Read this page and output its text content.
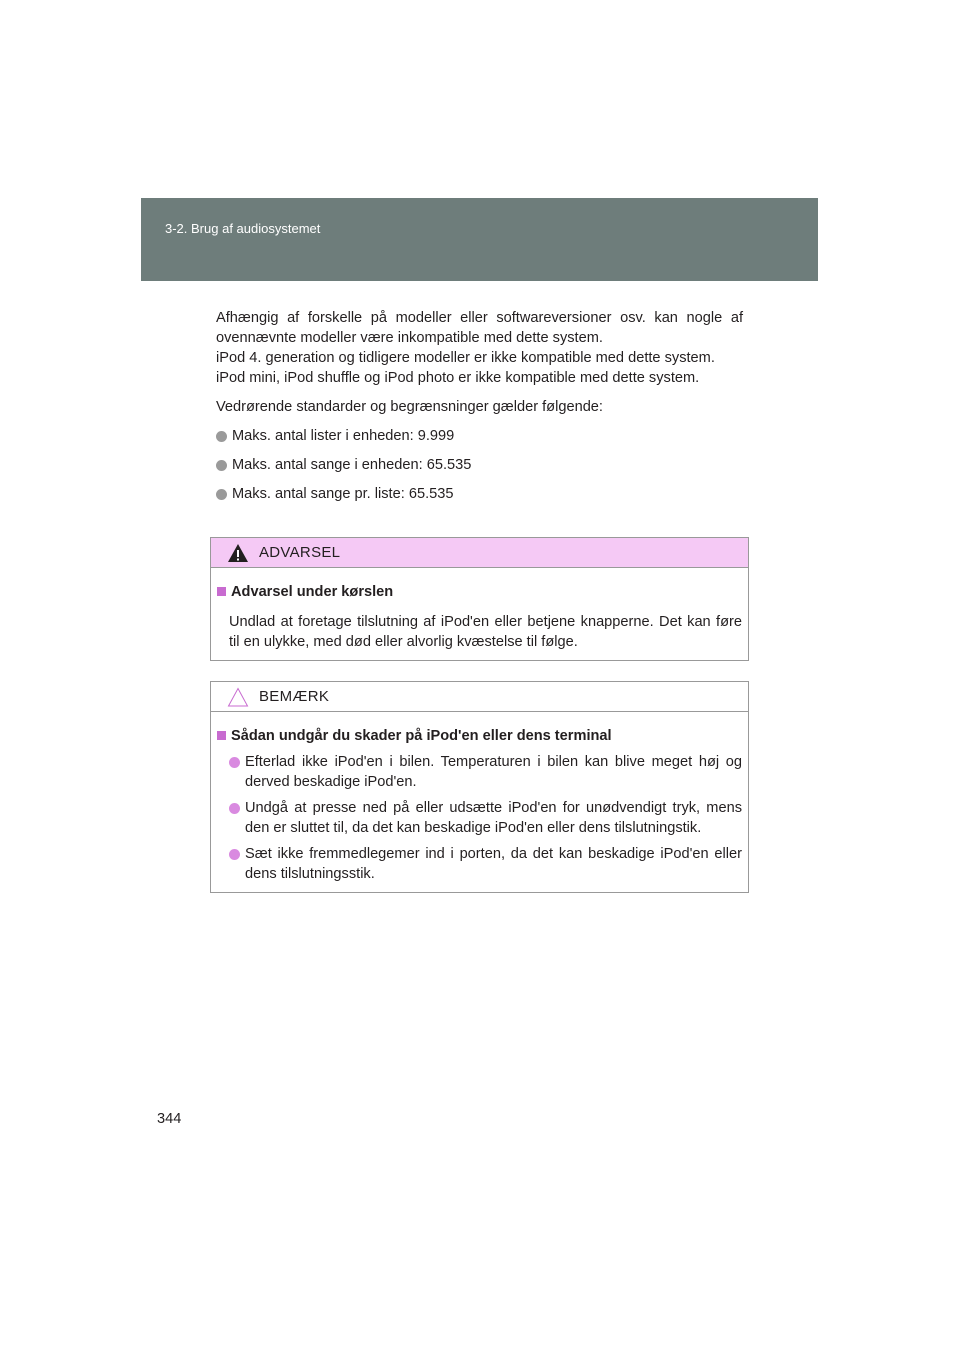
3-2. Brug af audiosystemet

Afhængig af forskelle på modeller eller softwareversioner osv. kan nogle af ovennævnte modeller være inkompatible med dette system.

iPod 4. generation og tidligere modeller er ikke kompatible med dette system.

iPod mini, iPod shuffle og iPod photo er ikke kompatible med dette system.

Vedrørende standarder og begrænsninger gælder følgende:

Maks. antal lister i enheden: 9.999
Maks. antal sange i enheden: 65.535
Maks. antal sange pr. liste: 65.535
ADVARSEL
Advarsel under kørslen

Undlad at foretage tilslutning af iPod'en eller betjene knapperne. Det kan føre til en ulykke, med død eller alvorlig kvæstelse til følge.

BEMÆRK
Sådan undgår du skader på iPod'en eller dens terminal
Efterlad ikke iPod'en i bilen. Temperaturen i bilen kan blive meget høj og derved beskadige iPod'en.
Undgå at presse ned på eller udsætte iPod'en for unødvendigt tryk, mens den er sluttet til, da det kan beskadige iPod'en eller dens tilslutningstik.
Sæt ikke fremmedlegemer ind i porten, da det kan beskadige iPod'en eller dens tilslutningsstik.
344
